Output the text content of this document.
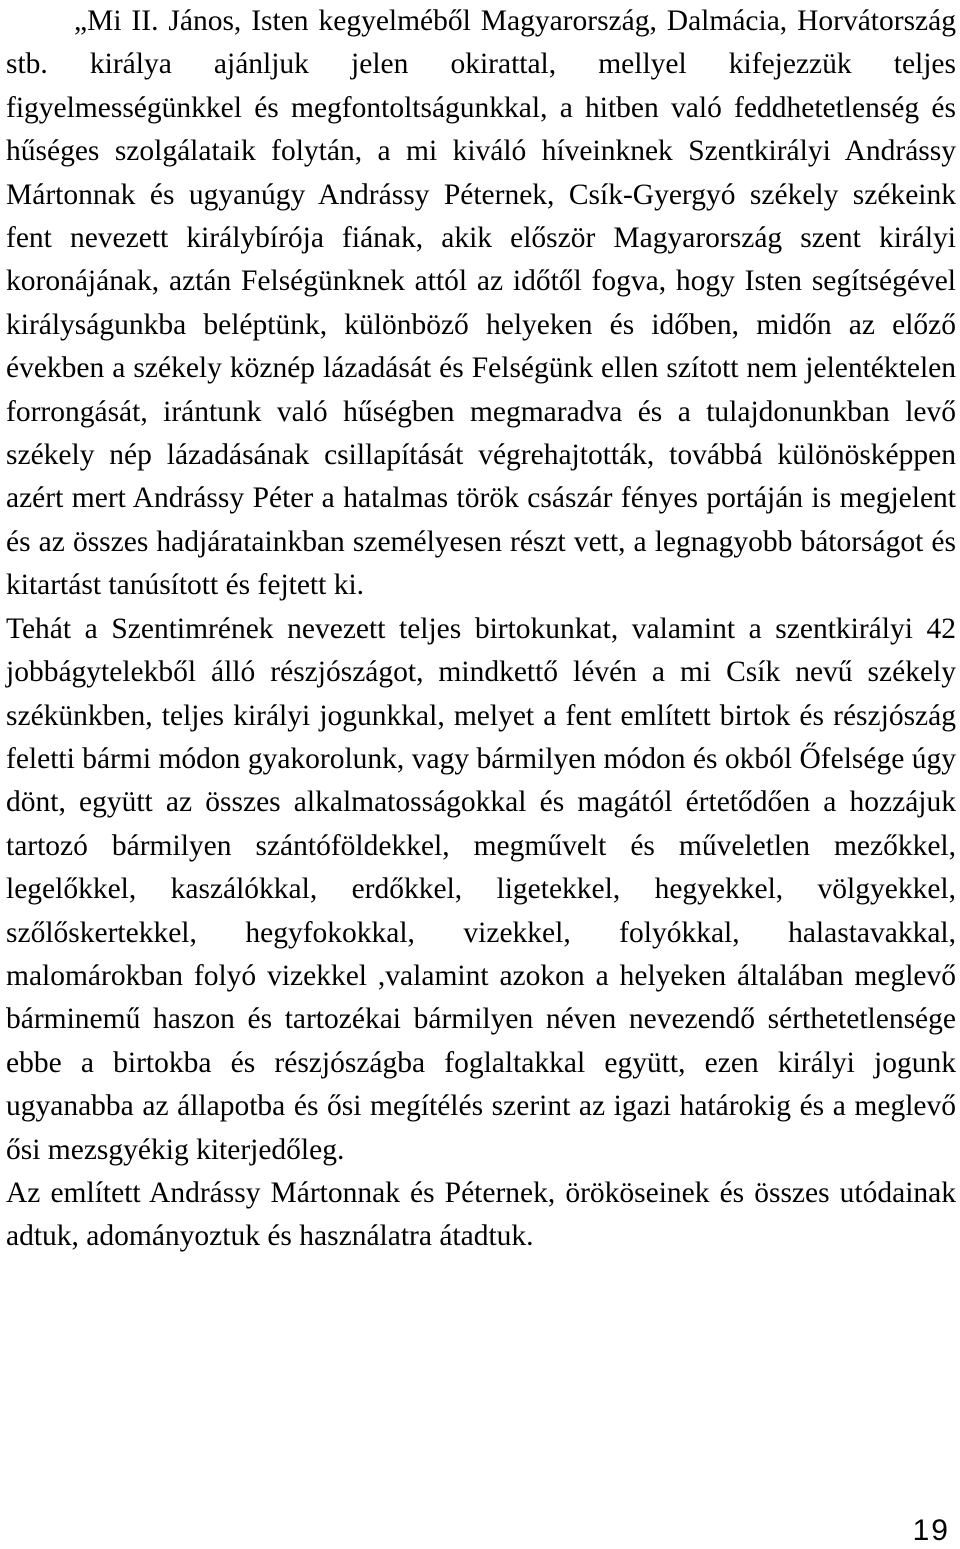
„Mi II. János, Isten kegyelméből Magyarország, Dalmácia, Horvátország stb. királya ajánljuk jelen okirattal, mellyel kifejezzük teljes figyelmességünkkel és megfontoltságunkkal, a hitben való feddhetetlenség és hűséges szolgálataik folytán, a mi kiváló híveinknek Szentkirályi Andrássy Mártonnak és ugyanúgy Andrássy Péternek, Csík-Gyergyó székely székeink fent nevezett királybírója fiának, akik először Magyarország szent királyi koronájának, aztán Felségünknek attól az időtől fogva, hogy Isten segítségével királyságunkba beléptünk, különböző helyeken és időben, midőn az előző években a székely köznép lázadását és Felségünk ellen szított nem jelentéktelen forrongását, irántunk való hűségben megmaradva és a tulajdonunkban levő székely nép lázadásának csillapítását végrehajtották, továbbá különösképpen azért mert Andrássy Péter a hatalmas török császár fényes portáján is megjelent és az összes hadjáratainkban személyesen részt vett, a legnagyobb bátorságot és kitartást tanúsított és fejtett ki.

Tehát a Szentimrének nevezett teljes birtokunkat, valamint a szentkirályi 42 jobbágytelekből álló részjószágot, mindkettő lévén a mi Csík nevű székely székünkben, teljes királyi jogunkkal, melyet a fent említett birtok és részjószág feletti bármi módon gyakorolunk, vagy bármilyen módon és okból Őfelsége úgy dönt, együtt az összes alkalmatosságokkal és magától értetődően a hozzájuk tartozó bármilyen szántóföldekkel, megművelt és műveletlen mezőkkel, legelőkkel, kaszálókkal, erdőkkel, ligetekkel, hegyekkel, völgyekkel, szőlőskertekkel, hegyfokokkal, vizekkel, folyókkal, halastavakkal, malomárokban folyó vizekkel ,valamint azokon a helyeken általában meglevő bárminemű haszon és tartozékai bármilyen néven nevezendő sérthetetlensége ebbe a birtokba és részjószágba foglaltakkal együtt, ezen királyi jogunk ugyanabba az állapotba és ősi megítélés szerint az igazi határokig és a meglevő ősi mezsgyékig kiterjedőleg.

Az említett Andrássy Mártonnak és Péternek, örököseinek és összes utódainak adtuk, adományoztuk és használatra átadtuk.

19
